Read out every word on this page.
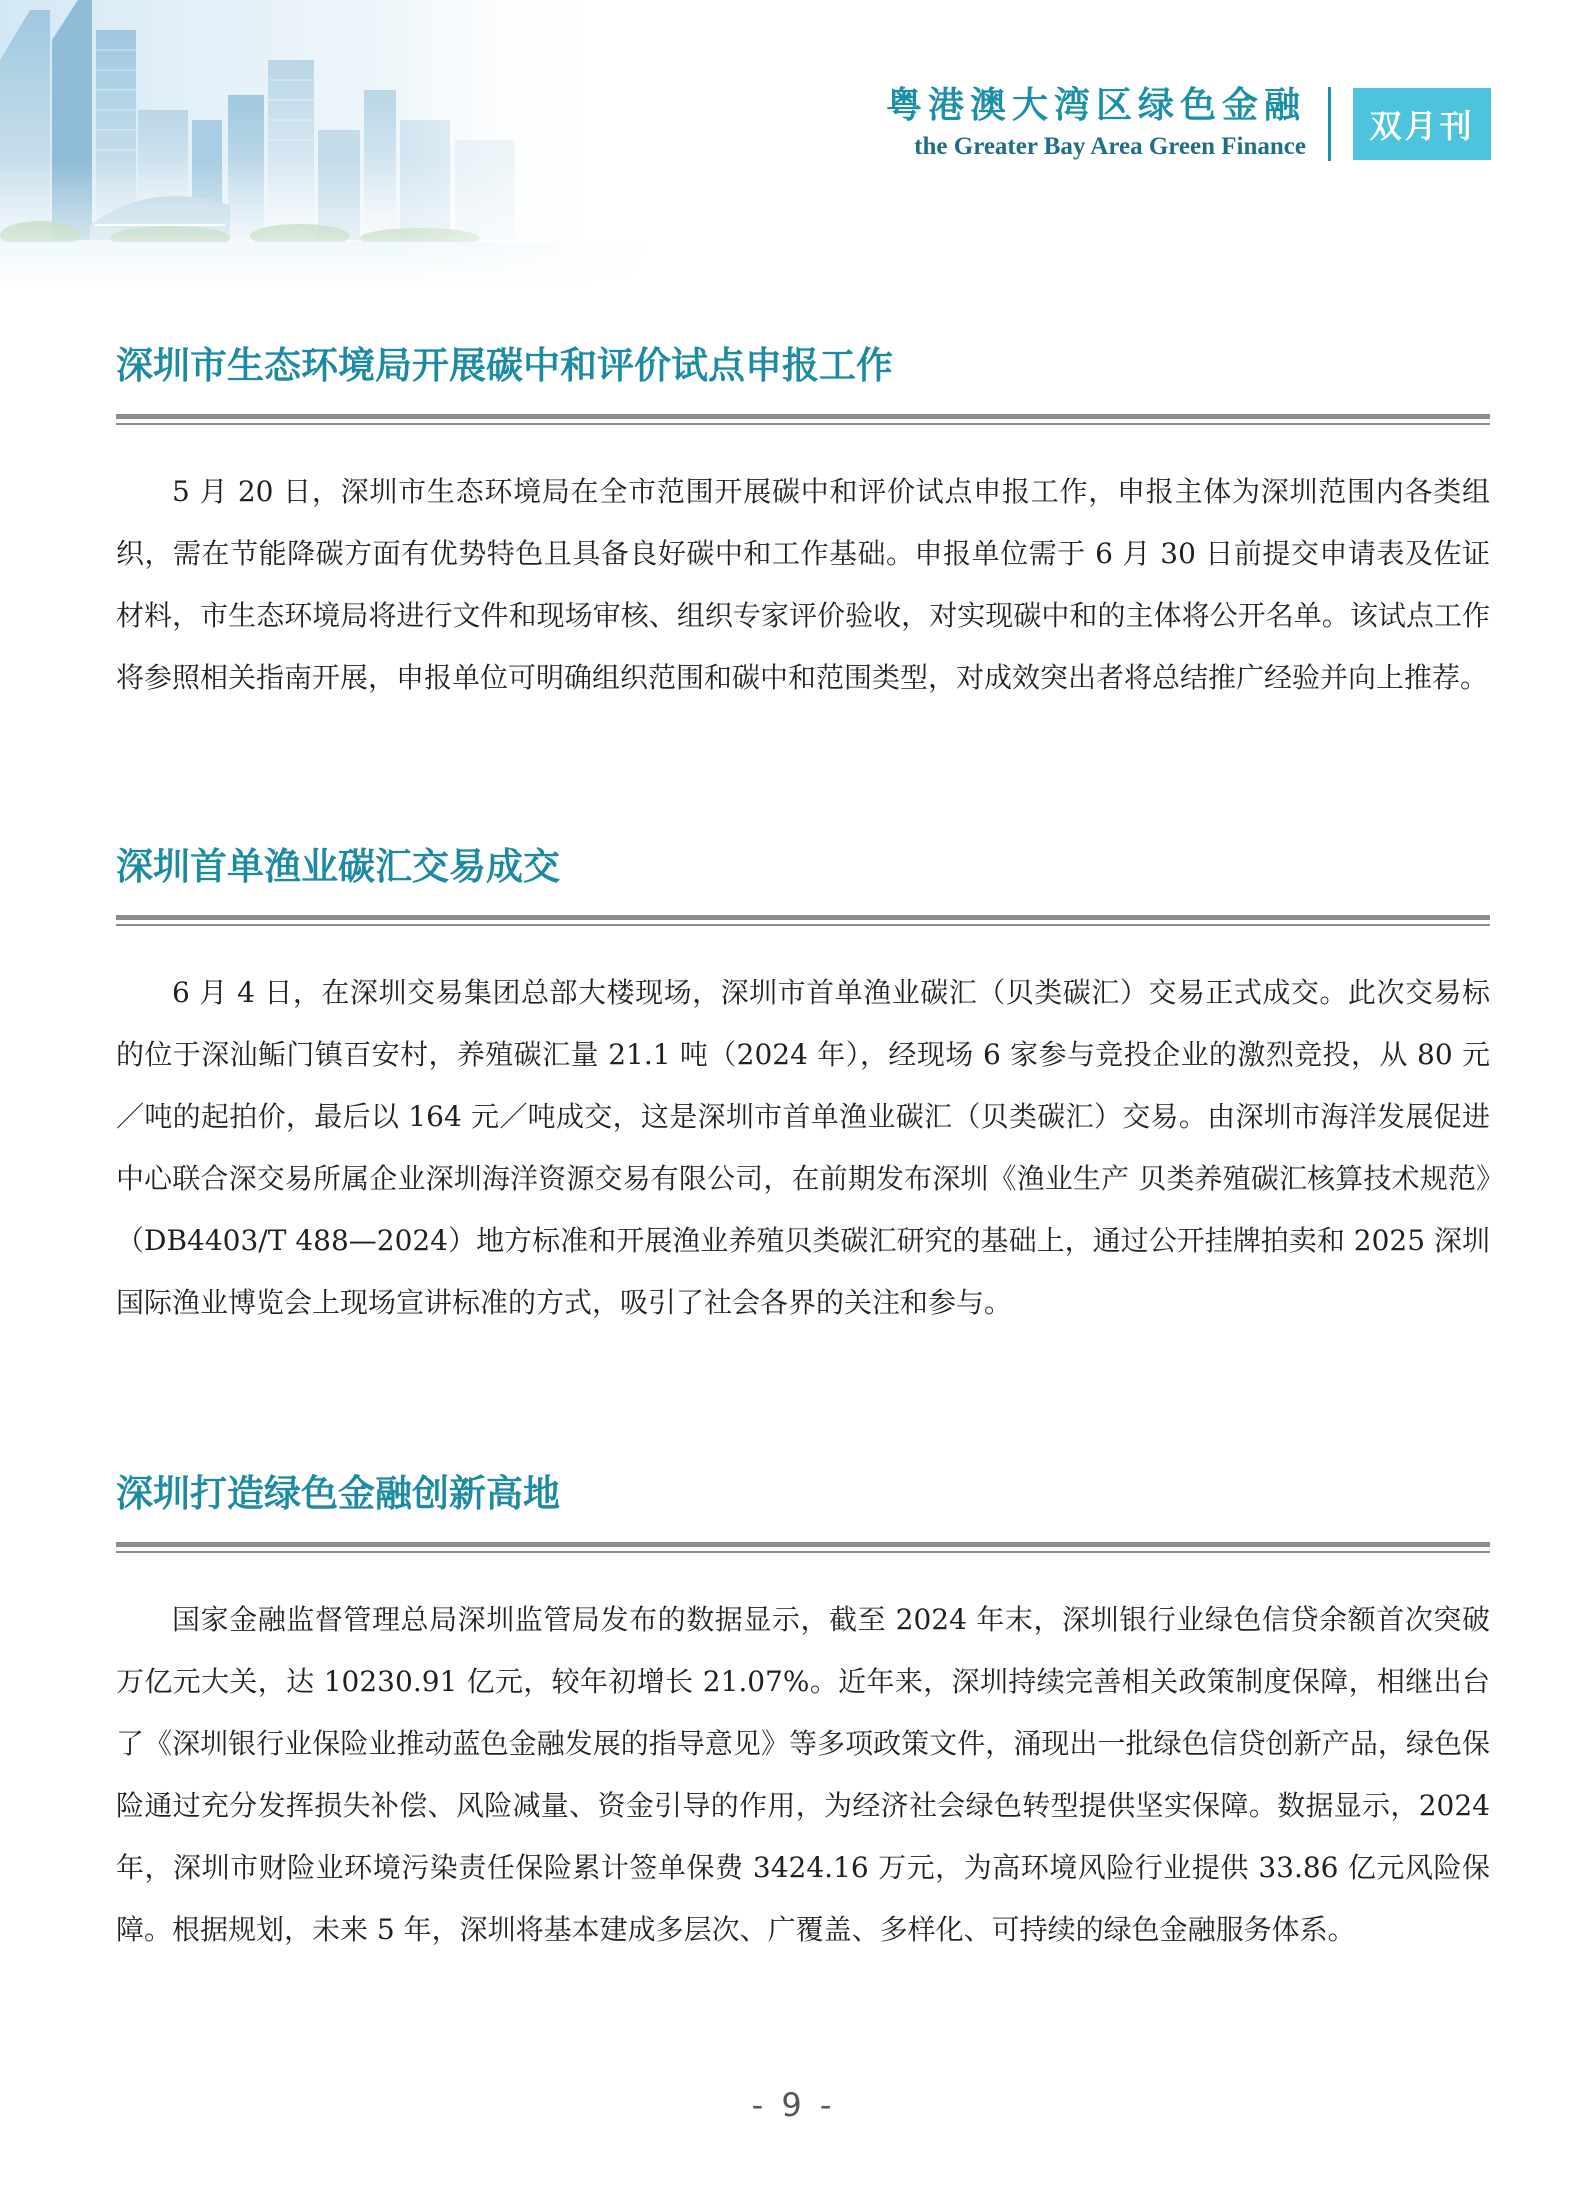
粤港澳大湾区绿色金融
the Greater Bay Area Green Finance
双月刊
深圳市生态环境局开展碳中和评价试点申报工作

5 月 20 日，深圳市生态环境局在全市范围开展碳中和评价试点申报工作，申报主体为深圳范围内各类组织，需在节能降碳方面有优势特色且具备良好碳中和工作基础。申报单位需于 6 月 30 日前提交申请表及佐证材料，市生态环境局将进行文件和现场审核、组织专家评价验收，对实现碳中和的主体将公开名单。该试点工作将参照相关指南开展，申报单位可明确组织范围和碳中和范围类型，对成效突出者将总结推广经验并向上推荐。

深圳首单渔业碳汇交易成交

6 月 4 日，在深圳交易集团总部大楼现场，深圳市首单渔业碳汇（贝类碳汇）交易正式成交。此次交易标的位于深汕鲘门镇百安村，养殖碳汇量 21.1 吨（2024 年），经现场 6 家参与竞投企业的激烈竞投，从 80 元／吨的起拍价，最后以 164 元／吨成交，这是深圳市首单渔业碳汇（贝类碳汇）交易。由深圳市海洋发展促进中心联合深交易所属企业深圳海洋资源交易有限公司，在前期发布深圳《渔业生产 贝类养殖碳汇核算技术规范》（DB4403/T 488—2024）地方标准和开展渔业养殖贝类碳汇研究的基础上，通过公开挂牌拍卖和 2025 深圳国际渔业博览会上现场宣讲标准的方式，吸引了社会各界的关注和参与。

深圳打造绿色金融创新高地

国家金融监督管理总局深圳监管局发布的数据显示，截至 2024 年末，深圳银行业绿色信贷余额首次突破万亿元大关，达 10230.91 亿元，较年初增长 21.07%。近年来，深圳持续完善相关政策制度保障，相继出台了《深圳银行业保险业推动蓝色金融发展的指导意见》等多项政策文件，涌现出一批绿色信贷创新产品，绿色保险通过充分发挥损失补偿、风险减量、资金引导的作用，为经济社会绿色转型提供坚实保障。数据显示，2024 年，深圳市财险业环境污染责任保险累计签单保费 3424.16 万元，为高环境风险行业提供 33.86 亿元风险保障。根据规划，未来 5 年，深圳将基本建成多层次、广覆盖、多样化、可持续的绿色金融服务体系。

- 9 -
